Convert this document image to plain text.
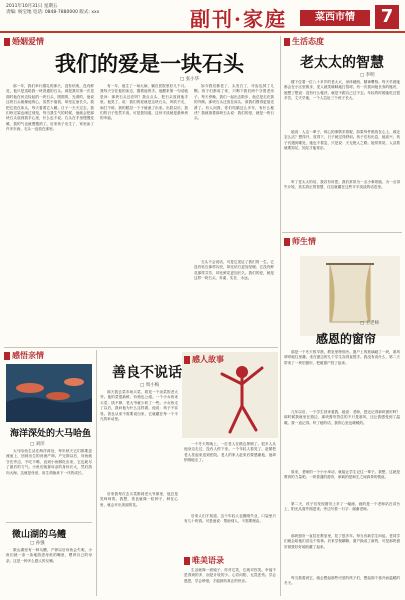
2011年10月31日 星期五
责编: 杨宝地 电话: 0848-7880000 版式: xxx	副刊·家庭	菜西市情	7
婚姻爱情
我们的爱是一块石头
□ 张小华
那一年，我们举行婚礼的那天，没有钻戒，没有鲜花，他只是送给我一块普通的石头。那是我们第一次见面时他在河边捡起的一块石头，圆圆的，光滑的，他说这块石头就像他的心，虽然不值钱，却坚定而长久。我把它放在床头，每天看着它入睡。日子一天天过去，我们吵过架也闹过别扭，每当我生气的时候，他就会把那块石头放到我手心里，什么也不说。石头在手里慢慢变暖，我的气也就慢慢消了。后来孩子出生了，家里添了许多东西，石头一直放在那里。
有一年，他生了一场大病，躺在医院里好几个月。我每天守在他的床边，握着他的手。他醒来第一句话就是问：那块石头还在吗？我点点头，把石头放到他手里。他笑了，说：我们的爱就是这块石头，风吹不走，雨打不碎。我的眼泪一下子就流了出来。出院以后，我们的日子依然平淡，可是我知道，这份平淡就是最珍贵的幸福。
如今我们都老了，头发白了，牙齿也掉了几颗。孩子们都成了家，只剩下我们两个守着老房子。每天傍晚，我们一起出去散步，他总是走在我的外侧。那块石头还放在床头，被我们摸得更加光滑了。有人问我，你们结婚这么多年，有什么秘诀？我就指着那块石头说：我们的爱，就是一块石头。
石头不会说话，可是它见证了我们的一生。它没有钻石那样闪亮，却比钻石更加坚硬；它没有鲜花那样芬芳，却比鲜花更加长久。我们的爱，就是这样一块石头，朴素、实在、永远。
生活态度
老太太的智慧
□ 李明
楼下住着一位八十多岁的老太太，身体硬朗，精神矍铄。每天早晨她都会在小区里散步，见人就笑眯眯地打招呼。有一次我问她长寿的秘诀，她想了想说：没有什么秘诀，就是不跟自己过不去。年轻的时候她吃过很多苦，丈夫早逝，一个人拉扯三个孩子长大。
她说：人这一辈子，烦心的事情多着呢，如果每件都放在心上，那还怎么活？想得开，放得下，日子就过得舒坦。孩子们有出息，她高兴；孩子们遇到难处，她也不着急，只是说：天无绝人之路。她常常说，人活着就要知足，知足才能常乐。
听了老太太的话，我若有所思。我们常常为一点小事烦恼，为一点得失计较，其实真正的智慧，往往就藏在这些平平淡淡的话语里。
师生情
感恩的窗帘
□ 王老师
那是一个冬天的早晨，教室里特别冷。窗户上的玻璃破了一块，寒风呼呼地往里灌。坐在窗边的几个学生冻得直搓手。我没有说什么，第二天带来了一块旧窗帘，把破窗户挡了起来。
几年以后，一个学生回来看我，她说：老师，您还记得那块窗帘吗？那时候我就坐在窗边，那块窗帘挡住的不只是寒风，还让我感受到了温暖。我一直记得。听了她的话，我的心里也暖暖的。
原来，老师的一个小小举动，就能让学生记住一辈子。我想，这就是教育的力量吧。一块普通的窗帘，承载的是师生之间真挚的情谊。
第二天，孩子们发现窗帘上多了一幅画，画的是一个老师站在讲台上，阳光从窗外照进来。旁边写着一行字：谢谢老师。
那块窗帘一直挂在教室里，挂了很多年。每当有新学生问起，老同学们就会给他们讲这个故事。后来学校翻修，窗户换成了新的，可是那块窗帘被我好好地收藏了起来。
每当我看到它，就会想起那些可爱的孩子们，想起那个寒冷而温暖的冬天。
感悟亲情
海洋深处的大马哈鱼
□ 刘洋
大马哈鱼生活在海洋深处，每年秋天它们都要逆流而上，回到出生的河流产卵。产完卵以后，母鱼就守在旁边，不吃不喝，直到小鱼孵化出来，它也耗尽了最后的力气。小鱼们就靠母亲的身体长大，然后游向大海。这就是母爱，用生命换来下一代的成长。
微山湖的乌鳢
□ 孙强
微山湖里有一种乌鳢，产卵以后母鱼会失明，小鱼们就一条一条地游进母鱼的嘴里，喂养自己的母亲。这是一种多么感人的反哺。
善良不说话
□ 周小梅
那天我去菜市场买菜，看见一个卖菜的老大爷。他的菜很新鲜，价格也公道。一个小女孩来买菜，钱不够，老大爷就少收了一些。小女孩走了以后，我问他为什么这样做，他说：孩子不容易。善良从来不需要说出来，它就藏在每一个平凡的举动里。
后来我每次去买菜都到老大爷那里，他总是笑呵呵的。我想，善良就像一粒种子，种在心里，就会开出美丽的花。
感人故事
一个冬天的晚上，一位老人在路边摔倒了。很多人从他身边走过，没有人停下来。一个年轻人看见了，赶紧把老人扶起来送到医院。老人的家人赶来后要感谢他，他却悄悄地走了。
后来人们才知道，这个年轻人也刚刚失业，口袋里只有几十块钱。可是他说：帮助别人，不需要理由。
唯美语录
生活就像一面镜子，你对它笑，它就对你笑。幸福不是得到的多，而是计较的少。心若向阳，无畏悲伤。学会感恩，学会珍惜，才能拥有真正的快乐。
